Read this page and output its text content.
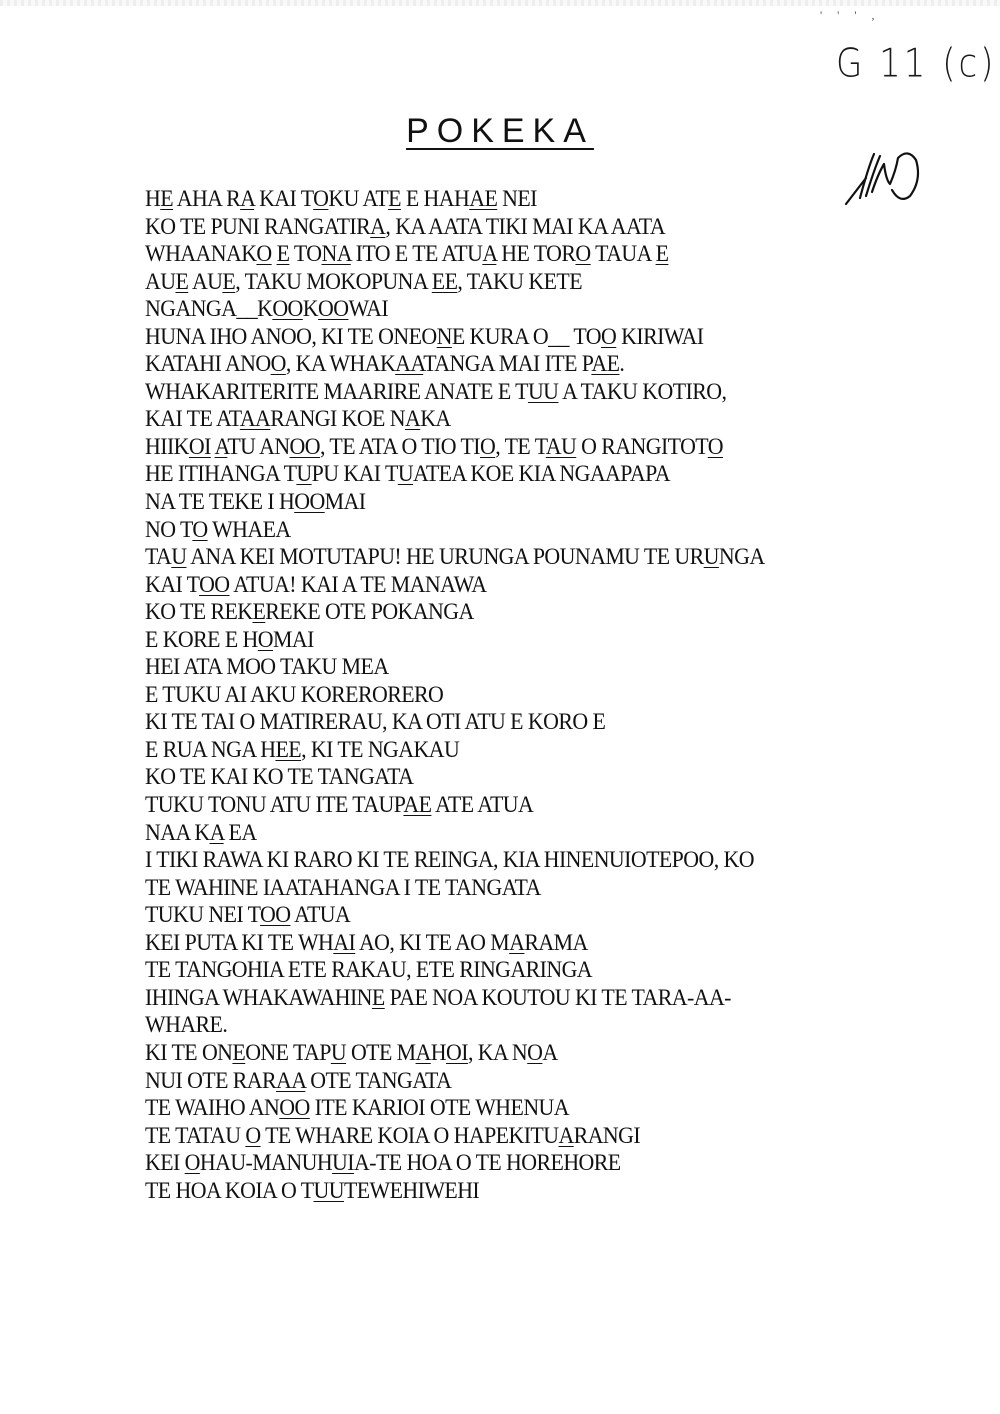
' ' ' ,
G 11 (c)
POKEKA
HE AHA RA KAI TOKU ATE E HAHAE NEI
KO TE PUNI RANGATIRA, KA AATA TIKI MAI KA AATA
WHAANAKO E TONA ITO E TE ATUA HE TORO TAUA E
AUE AUE, TAKU MOKOPUNA EE, TAKU KETE
NGANGA__KOOKOOWAI
HUNA IHO ANOO, KI TE ONEONE KURA O__ TOO KIRIWAI
KATAHI ANOO, KA WHAKAATANGA MAI ITE PAE.
WHAKARITERITE MAARIRE ANATE E TUU A TAKU KOTIRO,
KAI TE ATAARANGI KOE NAKA
HIIKOI ATU ANOO, TE ATA O TIO TIO, TE TAU O RANGITOTO
HE ITIHANGA TUPU KAI TUATEA KOE KIA NGAAPAPA
NA TE TEKE I HOOMAI
NO TO WHAEA
TAU ANA KEI MOTUTAPU! HE URUNGA POUNAMU TE URUNGA
KAI TOO ATUA! KAI A TE MANAWA
KO TE REKEREKE OTE POKANGA
E KORE E HOMAI
HEI ATA MOO TAKU MEA
E TUKU AI AKU KORERORERO
KI TE TAI O MATIRERAU, KA OTI ATU E KORO E
E RUA NGA HEE, KI TE NGAKAU
KO TE KAI KO TE TANGATA
TUKU TONU ATU ITE TAUPAE ATE ATUA
NAA KA EA
I TIKI RAWA KI RARO KI TE REINGA, KIA HINENUIOTEPOO, KO
TE WAHINE IAATAHANGA I TE TANGATA
TUKU NEI TOO ATUA
KEI PUTA KI TE WHAI AO, KI TE AO MARAMA
TE TANGOHIA ETE RAKAU, ETE RINGARINGA
IHINGA WHAKAWAHINE PAE NOA KOUTOU KI TE TARA-AA-
WHARE.
KI TE ONEONE TAPU OTE MAHOI, KA NOA
NUI OTE RARAA OTE TANGATA
TE WAIHO ANOO ITE KARIOI OTE WHENUA
TE TATAU O TE WHARE KOIA O HAPEKITUARANGI
KEI OHAU-MANUHUIA-TE HOA O TE HOREHORE
TE HOA KOIA O TUUTEWEHIWEHI
